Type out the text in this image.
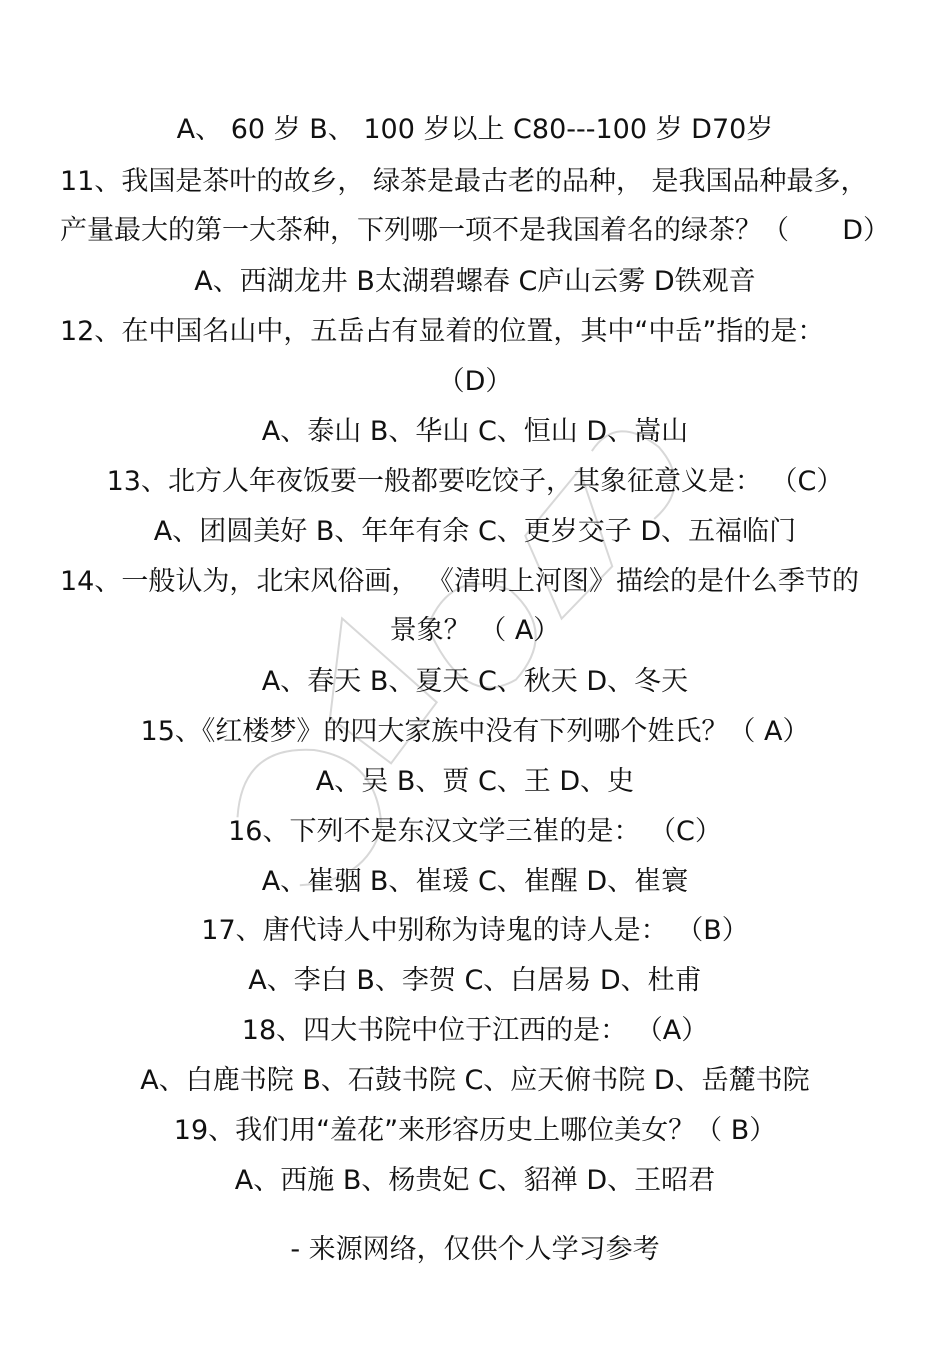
A、 60 岁 B、 100 岁以上 C80---100 岁 D70岁
11、我国是茶叶的故乡， 绿茶是最古老的品种， 是我国品种最多，
产量最大的第一大茶种，下列哪一项不是我国着名的绿茶？（ D）
A、西湖龙井 B太湖碧螺春 C庐山云雾 D铁观音
12、在中国名山中，五岳占有显着的位置，其中“中岳”指的是：
（D）
A、泰山 B、华山 C、恒山 D、嵩山
13、北方人年夜饭要一般都要吃饺子，其象征意义是： （C）
A、团圆美好 B、年年有余 C、更岁交子 D、五福临门
14、一般认为，北宋风俗画， 《清明上河图》描绘的是什么季节的
景象？ （ A）
A、春天 B、夏天 C、秋天 D、冬天
15、《红楼梦》的四大家族中没有下列哪个姓氏？（ A）
A、吴 B、贾 C、王 D、史
16、下列不是东汉文学三崔的是： （C）
A、崔骃 B、崔瑗 C、崔醒 D、崔寰
17、唐代诗人中别称为诗鬼的诗人是： （B）
A、李白 B、李贺 C、白居易 D、杜甫
18、四大书院中位于江西的是： （A）
A、白鹿书院 B、石鼓书院 C、应天俯书院 D、岳麓书院
19、我们用“羞花”来形容历史上哪位美女？（ B）
A、西施 B、杨贵妃 C、貂禅 D、王昭君
- 来源网络，仅供个人学习参考
